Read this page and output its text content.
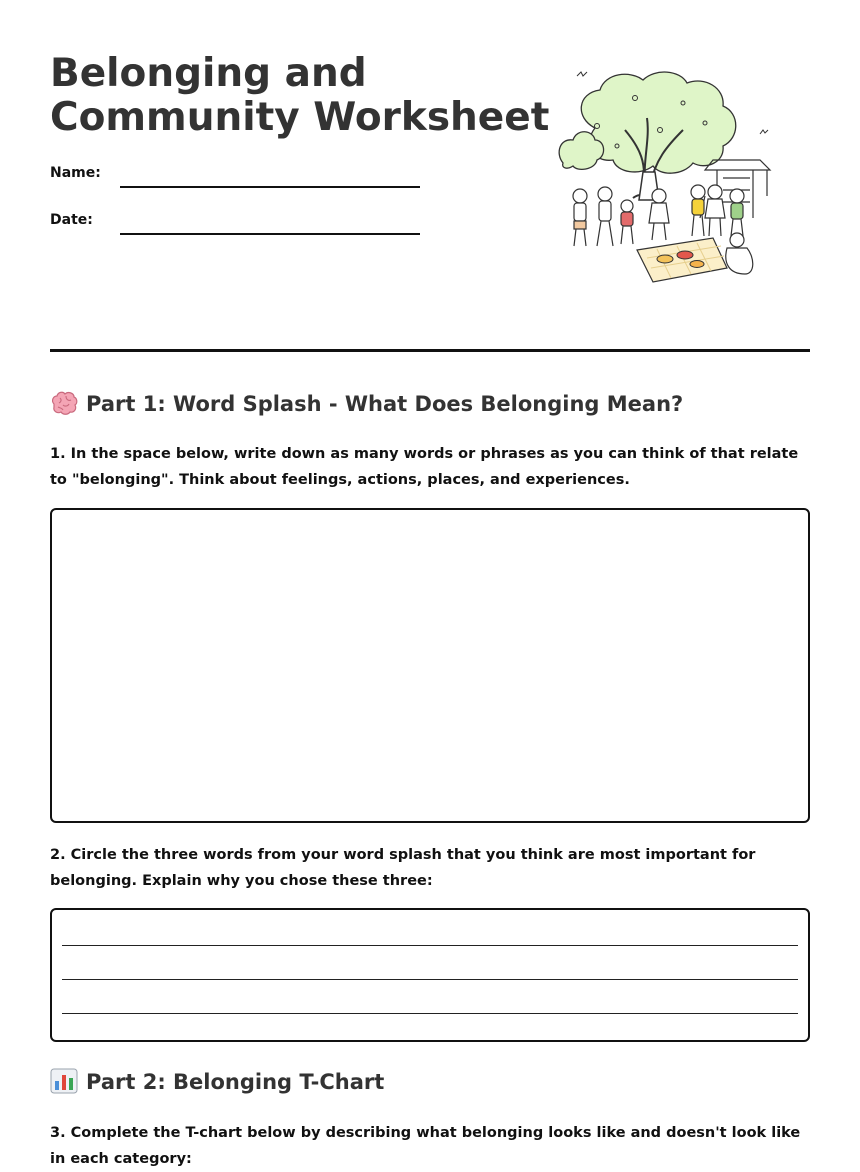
Belonging and Community Worksheet
Name:
Date:
Part 1: Word Splash - What Does Belonging Mean?

1. In the space below, write down as many words or phrases as you can think of that relate to "belonging". Think about feelings, actions, places, and experiences.

2. Circle the three words from your word splash that you think are most important for belonging. Explain why you chose these three:

Part 2: Belonging T-Chart

3. Complete the T-chart below by describing what belonging looks like and doesn't look like in each category:
